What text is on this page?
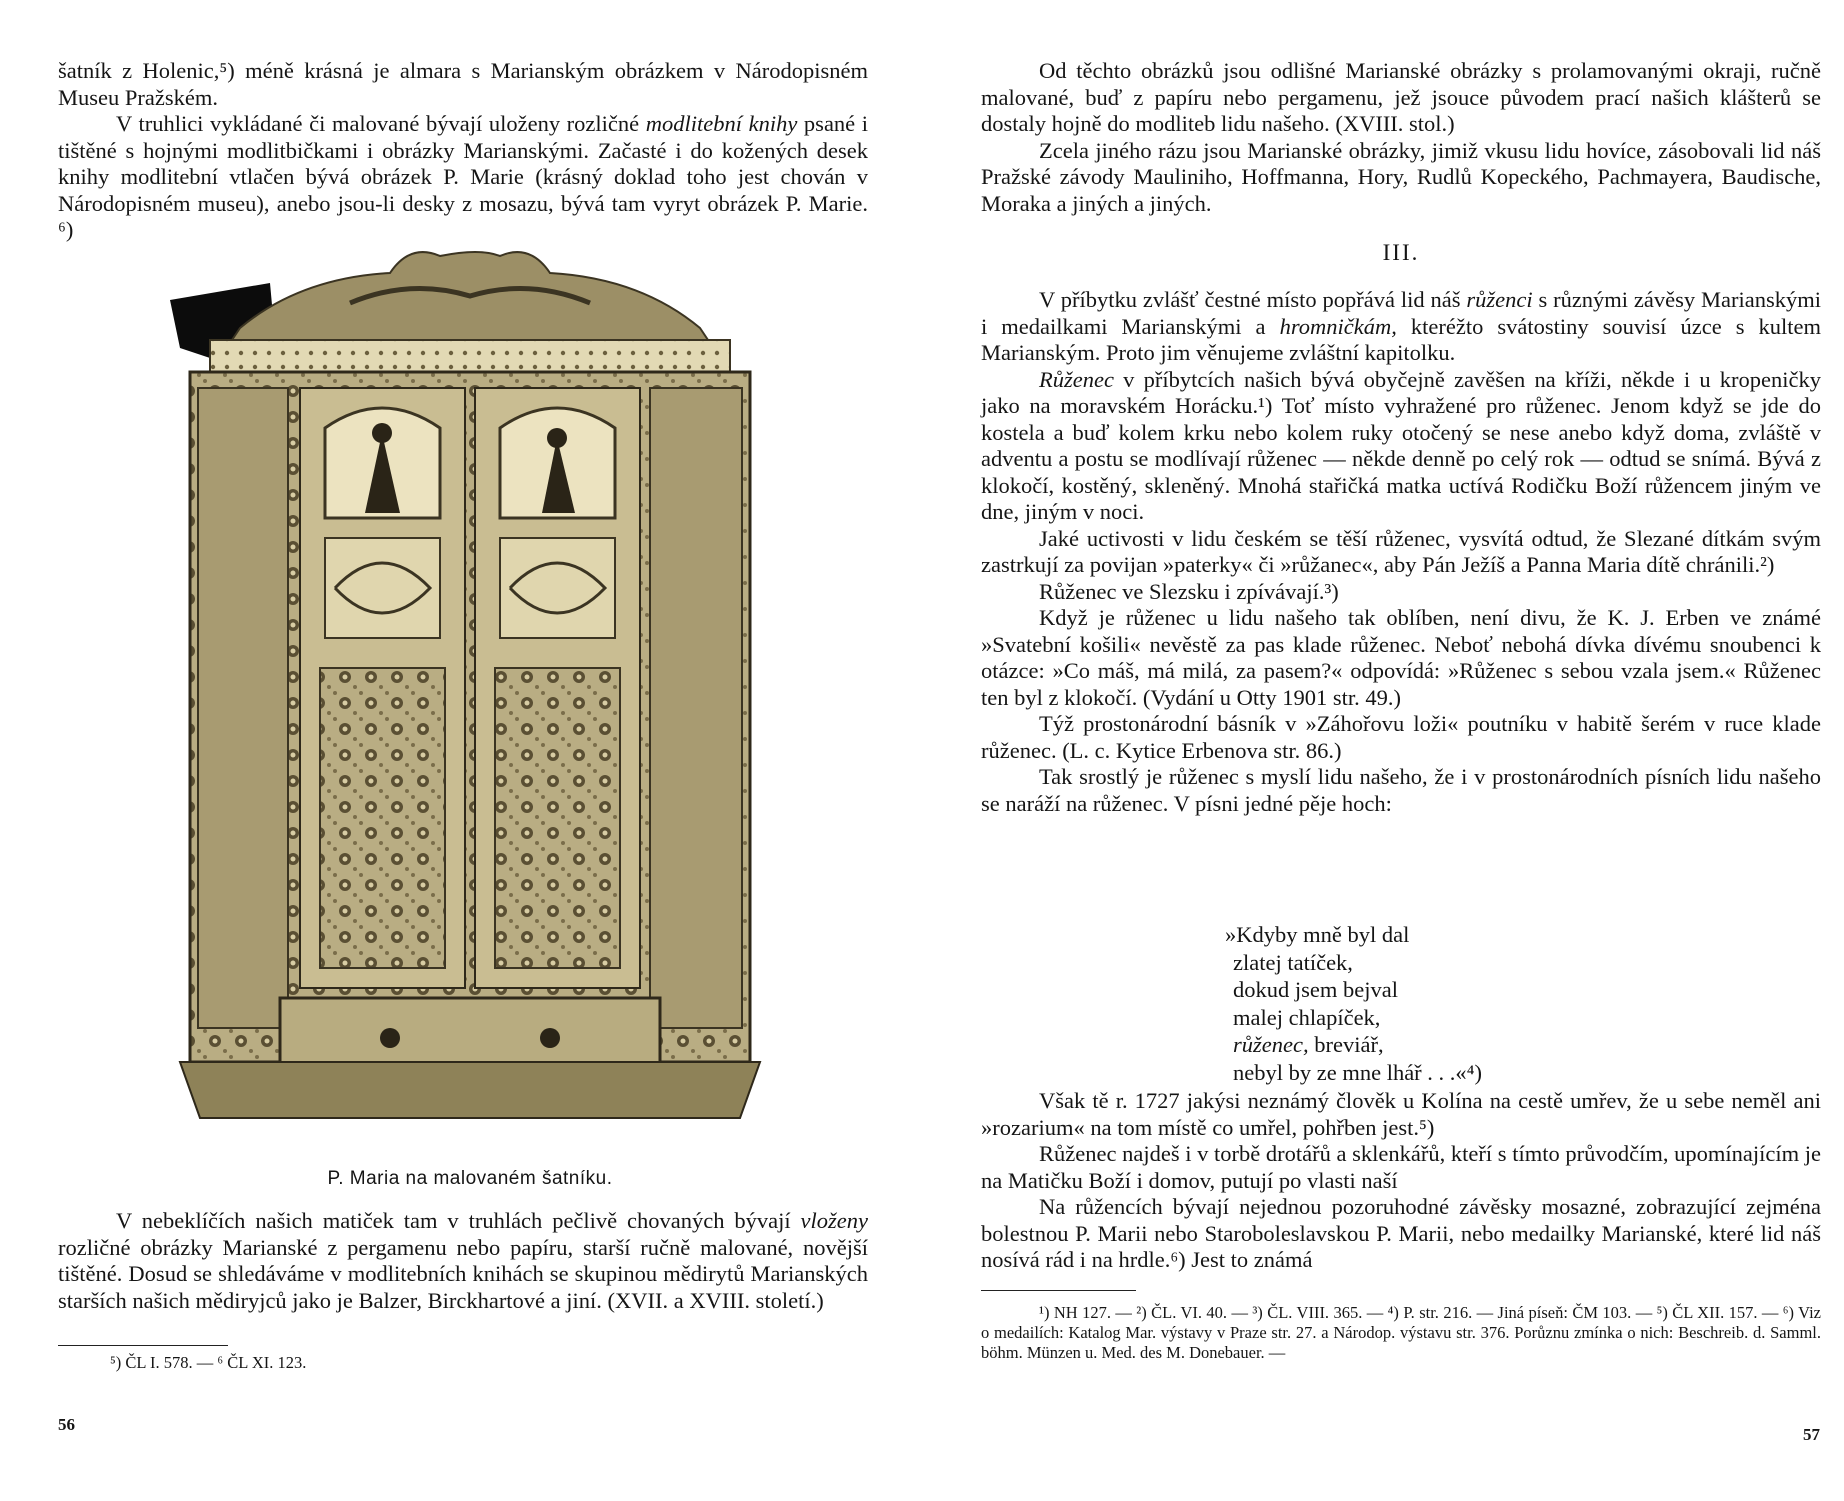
šatník z Holenic,⁵) méně krásná je almara s Marianským obrázkem v Národopisném Museu Pražském.

V truhlici vykládané či malované bývají uloženy rozličné modlitební knihy psané i tištěné s hojnými modlitbičkami i obrázky Marianskými. Začasté i do kožených desek knihy modlitební vtlačen bývá obrázek P. Marie (krásný doklad toho jest chován v Národopisném museu), anebo jsou-li desky z mosazu, bývá tam vyryt obrázek P. Marie. ⁶)

P. Maria na malovaném šatníku.

V nebeklíčích našich matiček tam v truhlách pečlivě chovaných bývají vloženy rozličné obrázky Marianské z pergamenu nebo papíru, starší ručně malované, novější tištěné. Dosud se shledáváme v modlitebních knihách se skupinou mědirytů Marianských starších našich mědiryjců jako je Balzer, Birckhartové a jiní. (XVII. a XVIII. století.)

⁵) ČL I. 578. — ⁶ ČL XI. 123.

56

Od těchto obrázků jsou odlišné Marianské obrázky s prolamovanými okraji, ručně malované, buď z papíru nebo pergamenu, jež jsouce původem prací našich klášterů se dostaly hojně do modliteb lidu našeho. (XVIII. stol.)

Zcela jiného rázu jsou Marianské obrázky, jimiž vkusu lidu hovíce, zásobovali lid náš Pražské závody Mauliniho, Hoffmanna, Hory, Rudlů Kopeckého, Pachmayera, Baudische, Moraka a jiných a jiných.

III.

V příbytku zvlášť čestné místo popřává lid náš růženci s různými závěsy Marianskými i medailkami Marianskými a hromničkám, kteréžto svátostiny souvisí úzce s kultem Marianským. Proto jim věnujeme zvláštní kapitolku.

Růženec v příbytcích našich bývá obyčejně zavěšen na kříži, někde i u kropeničky jako na moravském Horácku.¹) Toť místo vyhražené pro růženec. Jenom když se jde do kostela a buď kolem krku nebo kolem ruky otočený se nese anebo když doma, zvláště v adventu a postu se modlívají růženec — někde denně po celý rok — odtud se snímá. Bývá z klokočí, kostěný, skleněný. Mnohá stařičká matka uctívá Rodičku Boží růžencem jiným ve dne, jiným v noci.

Jaké uctivosti v lidu českém se těší růženec, vysvítá odtud, že Slezané dítkám svým zastrkují za povijan »paterky« či »růžanec«, aby Pán Ježíš a Panna Maria dítě chránili.²)

Růženec ve Slezsku i zpívávají.³)

Když je růženec u lidu našeho tak oblíben, není divu, že K. J. Erben ve známé »Svatební košili« nevěstě za pas klade růženec. Neboť nebohá dívka dívému snoubenci k otázce: »Co máš, má milá, za pasem?« odpovídá: »Růženec s sebou vzala jsem.« Růženec ten byl z klokočí. (Vydání u Otty 1901 str. 49.)

Týž prostonárodní básník v »Záhořovu loži« poutníku v habitě šerém v ruce klade růženec. (L. c. Kytice Erbenova str. 86.)

Tak srostlý je růženec s myslí lidu našeho, že i v prostonárodních písních lidu našeho se naráží na růženec. V písni jedné pěje hoch:

»Kdyby mně byl dal

zlatej tatíček,

dokud jsem bejval

malej chlapíček,

růženec, breviář,

nebyl by ze mne lhář . . .«⁴)

Však tě r. 1727 jakýsi neznámý člověk u Kolína na cestě umřev, že u sebe neměl ani »rozarium« na tom místě co umřel, pohřben jest.⁵)

Růženec najdeš i v torbě drotářů a sklenkářů, kteří s tímto průvodčím, upomínajícím je na Matičku Boží i domov, putují po vlasti naší

Na růžencích bývají nejednou pozoruhodné závěsky mosazné, zobrazující zejména bolestnou P. Marii nebo Staroboleslavskou P. Marii, nebo medailky Marianské, které lid náš nosívá rád i na hrdle.⁶) Jest to známá

¹) NH 127. — ²) ČL. VI. 40. — ³) ČL. VIII. 365. — ⁴) P. str. 216. — Jiná píseň: ČM 103. — ⁵) ČL XII. 157. — ⁶) Viz o medailích: Katalog Mar. výstavy v Praze str. 27. a Národop. výstavu str. 376. Porůznu zmínka o nich: Beschreib. d. Samml. böhm. Münzen u. Med. des M. Donebauer. —

57
